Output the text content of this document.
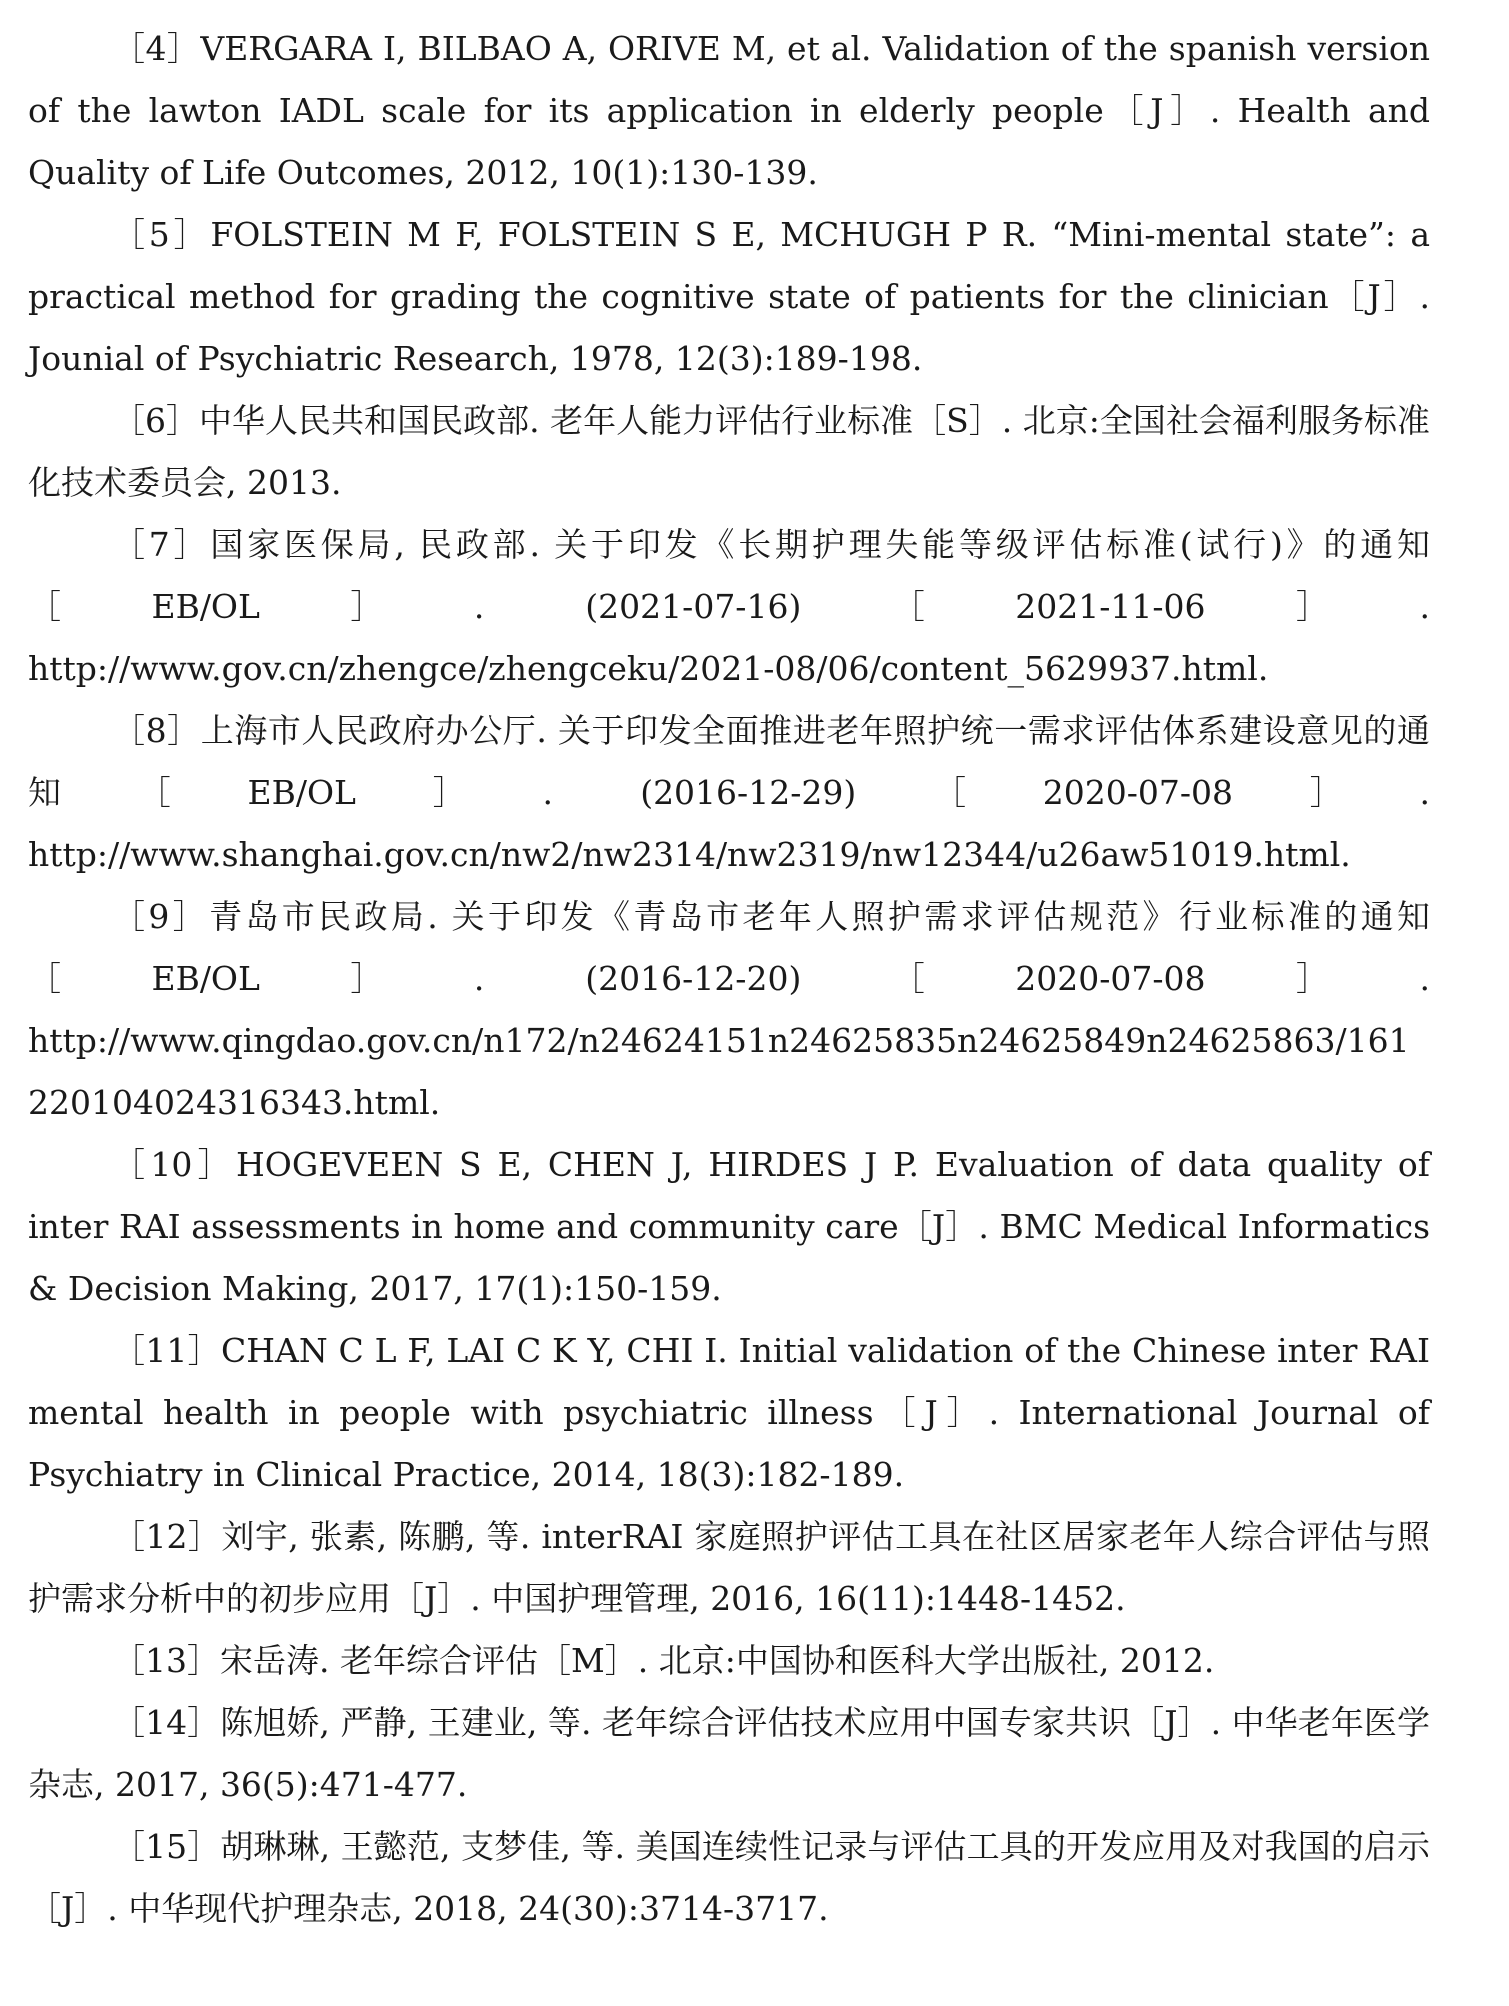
［4］VERGARA I, BILBAO A, ORIVE M, et al. Validation of the spanish version of the lawton IADL scale for its application in elderly people［J］. Health and Quality of Life Outcomes, 2012, 10(1):130-139.

［5］FOLSTEIN M F, FOLSTEIN S E, MCHUGH P R. “Mini-mental state”: a practical method for grading the cognitive state of patients for the clinician［J］. Jounial of Psychiatric Research, 1978, 12(3):189-198.

［6］中华人民共和国民政部. 老年人能力评估行业标准［S］. 北京:全国社会福利服务标准化技术委员会, 2013.

［7］国家医保局, 民政部. 关于印发《长期护理失能等级评估标准(试行)》的通知［EB/OL］. (2021-07-16)［2021-11-06］. http://www.gov.cn/zhengce/zhengceku/2021-08/06/content_5629937.html.

［8］上海市人民政府办公厅. 关于印发全面推进老年照护统一需求评估体系建设意见的通知［EB/OL］. (2016-12-29)［2020-07-08］. http://www.shanghai.gov.cn/nw2/nw2314/nw2319/nw12344/u26aw51019.html.

［9］青岛市民政局. 关于印发《青岛市老年人照护需求评估规范》行业标准的通知［EB/OL］. (2016-12-20)［2020-07-08］. http://www.qingdao.gov.cn/n172/n24624151n24625835n24625849n24625863/161220104024316343.html.

［10］HOGEVEEN S E, CHEN J, HIRDES J P. Evaluation of data quality of inter RAI assessments in home and community care［J］. BMC Medical Informatics & Decision Making, 2017, 17(1):150-159.

［11］CHAN C L F, LAI C K Y, CHI I. Initial validation of the Chinese inter RAI mental health in people with psychiatric illness［J］. International Journal of Psychiatry in Clinical Practice, 2014, 18(3):182-189.

［12］刘宇, 张素, 陈鹏, 等. interRAI 家庭照护评估工具在社区居家老年人综合评估与照护需求分析中的初步应用［J］. 中国护理管理, 2016, 16(11):1448-1452.

［13］宋岳涛. 老年综合评估［M］. 北京:中国协和医科大学出版社, 2012.

［14］陈旭娇, 严静, 王建业, 等. 老年综合评估技术应用中国专家共识［J］. 中华老年医学杂志, 2017, 36(5):471-477.

［15］胡琳琳, 王懿范, 支梦佳, 等. 美国连续性记录与评估工具的开发应用及对我国的启示［J］. 中华现代护理杂志, 2018, 24(30):3714-3717.
